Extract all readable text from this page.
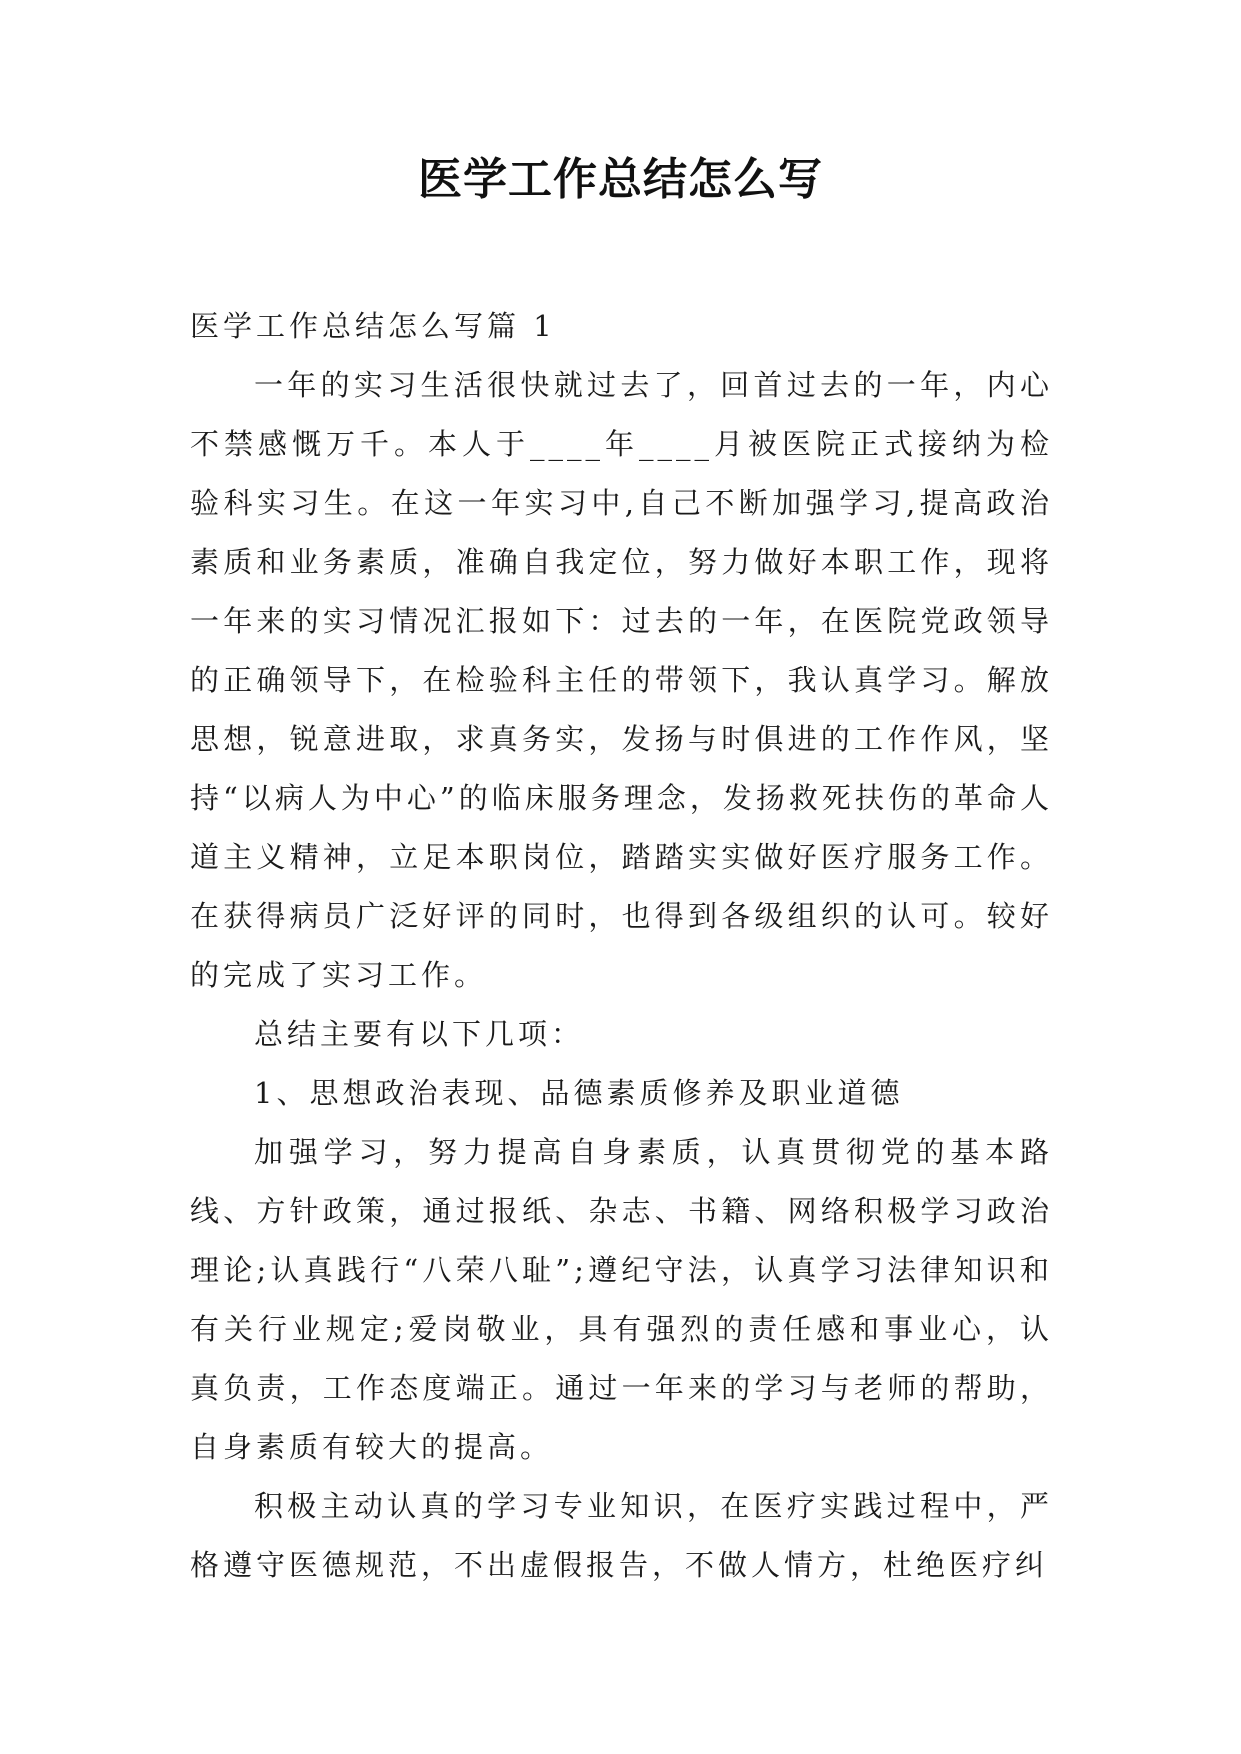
医学工作总结怎么写

医学工作总结怎么写篇 1

一年的实习生活很快就过去了，回首过去的一年，内心不禁感慨万千。本人于____年____月被医院正式接纳为检验科实习生。在这一年实习中,自己不断加强学习,提高政治素质和业务素质，准确自我定位，努力做好本职工作，现将一年来的实习情况汇报如下：过去的一年，在医院党政领导的正确领导下，在检验科主任的带领下，我认真学习。解放思想，锐意进取，求真务实，发扬与时俱进的工作作风，坚持“以病人为中心”的临床服务理念，发扬救死扶伤的革命人道主义精神，立足本职岗位，踏踏实实做好医疗服务工作。在获得病员广泛好评的同时，也得到各级组织的认可。较好的完成了实习工作。

总结主要有以下几项：

1、思想政治表现、品德素质修养及职业道德

加强学习，努力提高自身素质，认真贯彻党的基本路线、方针政策，通过报纸、杂志、书籍、网络积极学习政治理论;认真践行“八荣八耻”;遵纪守法，认真学习法律知识和有关行业规定;爱岗敬业，具有强烈的责任感和事业心，认真负责，工作态度端正。通过一年来的学习与老师的帮助，自身素质有较大的提高。

积极主动认真的学习专业知识，在医疗实践过程中，严格遵守医德规范，不出虚假报告，不做人情方，杜绝医疗纠
